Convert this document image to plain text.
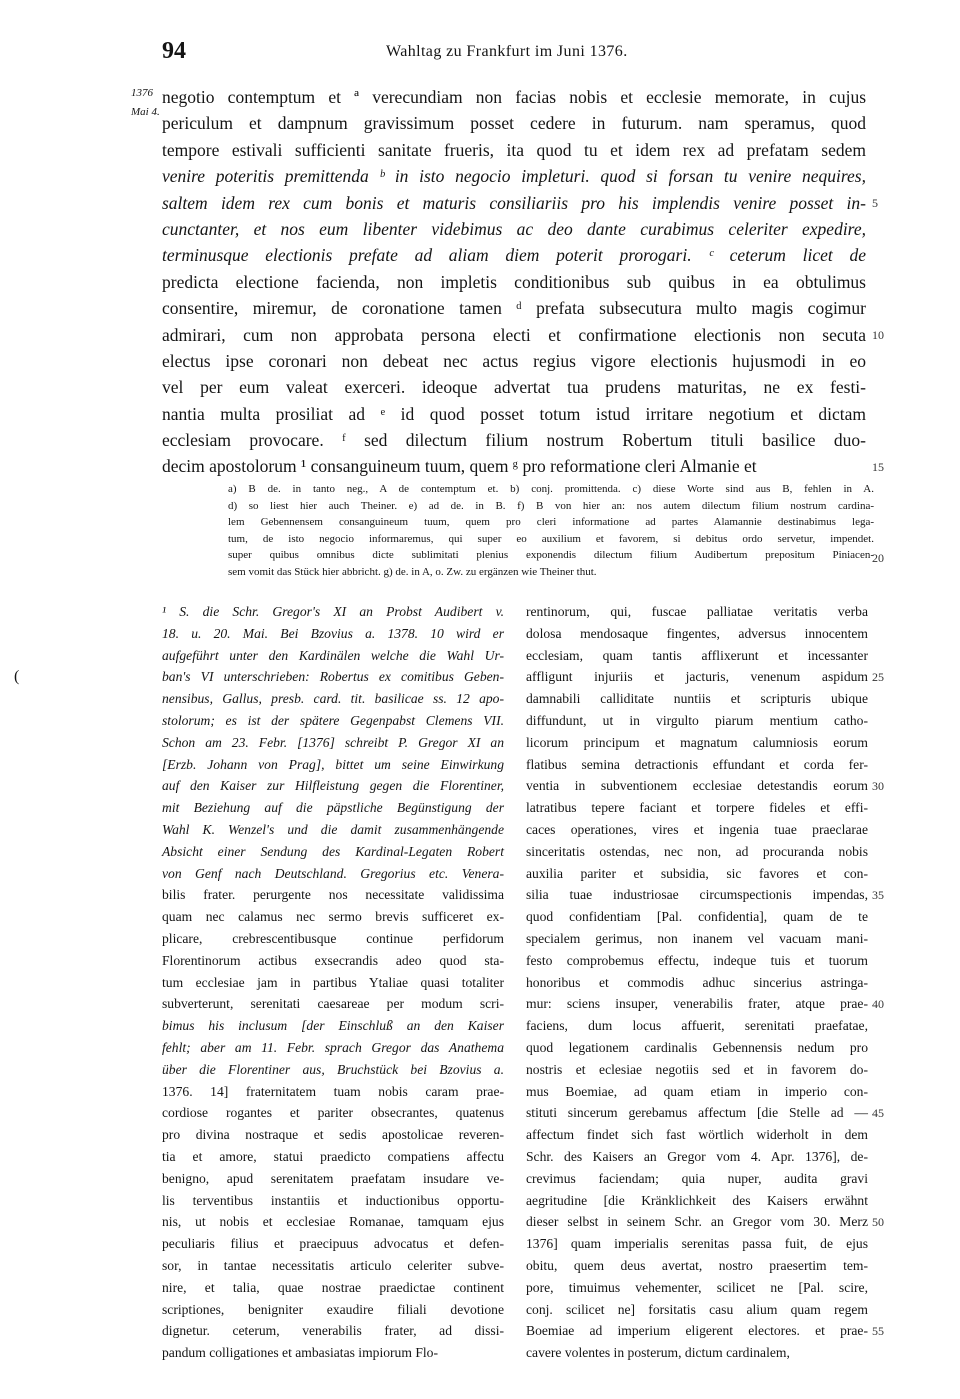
94	Wahltag zu Frankfurt im Juni 1376.
1376
Mai 4.
negotio contemptum et ª verecundiam non facias nobis et ecclesie memorate, in cujus
periculum et dampnum gravissimum posset cedere in futurum. nam speramus, quod
tempore estivali sufficienti sanitate frueris, ita quod tu et idem rex ad prefatam sedem
venire poteritis premittenda ᵇ in isto negocio impleturi. quod si forsan tu venire nequires,
saltem idem rex cum bonis et maturis consiliariis pro his implendis venire posset in-
cunctanter, et nos eum libenter videbimus ac deo dante curabimus celeriter expedire,
terminusque electionis prefate ad aliam diem poterit prorogari. ᶜ ceterum licet de
predicta electione facienda, non impletis conditionibus sub quibus in ea obtulimus
consentire, miremur, de coronatione tamen ᵈ prefata subsecutura multo magis cogimur
admirari, cum non approbata persona electi et confirmatione electionis non secuta
electus ipse coronari non debeat nec actus regius vigore electionis hujusmodi in eo
vel per eum valeat exerceri. ideoque advertat tua prudens maturitas, ne ex festi-
nantia multa prosiliat ad ᵉ id quod posset totum istud irritare negotium et dictam
ecclesiam provocare. ᶠ sed dilectum filium nostrum Robertum tituli basilice duo-
decim apostolorum ¹ consanguineum tuum, quem ᵍ pro reformatione cleri Almanie et
a) B de. in tanto neg., A de contemptum et. b) conj. promittenda. c) diese Worte sind aus B, fehlen in A.
d) so liest hier auch Theiner. e) ad de. in B. f) B von hier an: nos autem dilectum filium nostrum cardina-
lem Gebennensem consanguineum tuum, quem pro cleri informatione ad partes Alamannie destinabimus lega-
tum, de isto negocio informaremus, qui super eo auxilium et favorem, si debitus ordo servetur, impendet.
super quibus omnibus dicte sublimitati plenius exponendis dilectum filium Audibertum prepositum Piniacen-
sem vomit das Stück hier abbricht. g) de. in A, o. Zw. zu ergänzen wie Theiner thut.
¹ S. die Schr. Gregor's XI an Probst Audibert v.
18. u. 20. Mai. Bei Bzovius a. 1378. 10 wird er
aufgeführt unter den Kardinälen welche die Wahl Ur-
ban's VI unterschrieben: Robertus ex comitibus Geben-
nensibus, Gallus, presb. card. tit. basilicae ss. 12 apo-
stolorum; es ist der spätere Gegenpabst Clemens VII.
Schon am 23. Febr. [1376] schreibt P. Gregor XI an
[Erzb. Johann von Prag], bittet um seine Einwirkung
auf den Kaiser zur Hilfleistung gegen die Florentiner,
mit Beziehung auf die päpstliche Begünstigung der
Wahl K. Wenzel's und die damit zusammenhängende
Absicht einer Sendung des Kardinal-Legaten Robert
von Genf nach Deutschland. Gregorius etc. Venera-
bilis frater. perurgente nos necessitate validissima
quam nec calamus nec sermo brevis sufficeret ex-
plicare, crebrescentibusque continue perfidorum
Florentinorum actibus exsecrandis adeo quod sta-
tum ecclesiae jam in partibus Ytaliae quasi totaliter
subverterunt, serenitati caesareae per modum scri-
bimus his inclusum [der Einschluß an den Kaiser
fehlt; aber am 11. Febr. sprach Gregor das Anathema
über die Florentiner aus, Bruchstück bei Bzovius a.
1376. 14] fraternitatem tuam nobis caram prae-
cordiose rogantes et pariter obsecrantes, quatenus
pro divina nostraque et sedis apostolicae reveren-
tia et amore, statui praedicto compatiens affectu
benigno, apud serenitatem praefatam insudare ve-
lis terventibus instantiis et inductionibus opportu-
nis, ut nobis et ecclesiae Romanae, tamquam ejus
peculiaris filius et praecipuus advocatus et defen-
sor, in tantae necessitatis articulo celeriter subve-
nire, et talia, quae nostrae praedictae continent
scriptiones, benigniter exaudire filiali devotione
dignetur. ceterum, venerabilis frater, ad dissi-
pandum colligationes et ambasiatas impiorum Flo-
rentinorum, qui, fuscae palliatae veritatis verba
dolosa mendosaque fingentes, adversus innocentem
ecclesiam, quam tantis afflixerunt et incessanter
affligunt injuriis et jacturis, venenum aspidum
damnabili calliditate nuntiis et scripturis ubique
diffundunt, ut in virgulto piarum mentium catho-
licorum principum et magnatum calumniosis eorum
flatibus semina detractionis effundant et corda fer-
ventia in subventionem ecclesiae detestandis eorum
latratibus tepere faciant et torpere fideles et effi-
caces operationes, vires et ingenia tuae praeclarae
sinceritatis ostendas, nec non, ad procuranda nobis
auxilia pariter et subsidia, sic favores et con-
silia tuae industriosae circumspectionis impendas,
quod confidentiam [Pal. confidentia], quam de te
specialem gerimus, non inanem vel vacuam mani-
festo comprobemus effectu, indeque tuis et tuorum
honoribus et commodis adhuc sincerius astringa-
mur: sciens insuper, venerabilis frater, atque prae-
faciens, dum locus affuerit, serenitati praefatae,
quod legationem cardinalis Gebennensis nedum pro
nostris et eclesiae negotiis sed et in favorem do-
mus Boemiae, ad quam etiam in imperio con-
stituti sincerum gerebamus affectum [die Stelle ad —
affectum findet sich fast wörtlich widerholt in dem
Schr. des Kaisers an Gregor vom 4. Apr. 1376], de-
crevimus faciendam; quia nuper, audita gravi
aegritudine [die Kränklichkeit des Kaisers erwähnt
dieser selbst in seinem Schr. an Gregor vom 30. Merz
1376] quam imperialis serenitas passa fuit, de ejus
obitu, quem deus avertat, nostro praesertim tem-
pore, timuimus vehementer, scilicet ne [Pal. scire,
conj. scilicet ne] forsitatis casu alium quam regem
Boemiae ad imperium eligerent electores. et prae-
cavere volentes in posterum, dictum cardinalem,
(
5
10
15
20
25
30
35
40
45
50
55
